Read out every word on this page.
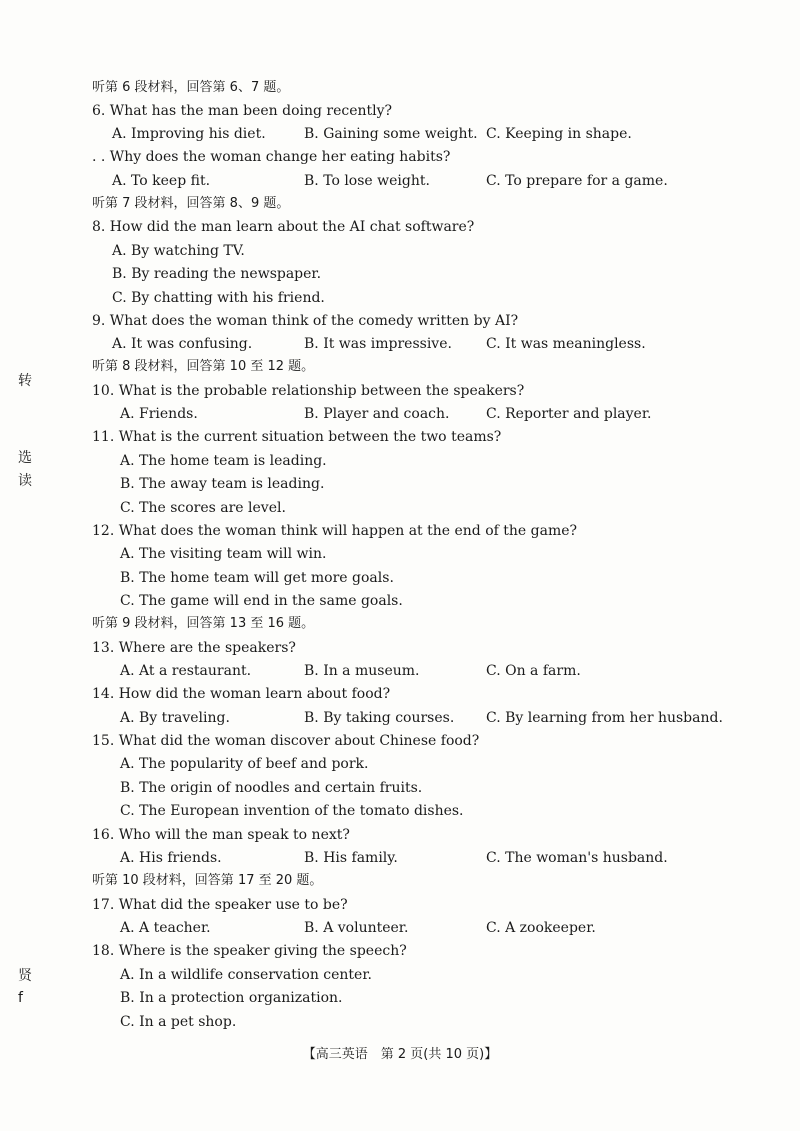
转
选
读
贤
f
听第 6 段材料，回答第 6、7 题。
6. What has the man been doing recently?
A. Improving his diet.	B. Gaining some weight. C. Keeping in shape.
. . Why does the woman change her eating habits?
A. To keep fit.	B. To lose weight.	C. To prepare for a game.
听第 7 段材料，回答第 8、9 题。
8. How did the man learn about the AI chat software?
A. By watching TV.
B. By reading the newspaper.
C. By chatting with his friend.
9. What does the woman think of the comedy written by AI?
A. It was confusing.	B. It was impressive. C. It was meaningless.
听第 8 段材料，回答第 10 至 12 题。
10. What is the probable relationship between the speakers?
A. Friends.	B. Player and coach.	C. Reporter and player.
11. What is the current situation between the two teams?
A. The home team is leading.
B. The away team is leading.
C. The scores are level.
12. What does the woman think will happen at the end of the game?
A. The visiting team will win.
B. The home team will get more goals.
C. The game will end in the same goals.
听第 9 段材料，回答第 13 至 16 题。
13. Where are the speakers?
A. At a restaurant.	B. In a museum.	C. On a farm.
14. How did the woman learn about food?
A. By traveling.	B. By taking courses. C. By learning from her husband.
15. What did the woman discover about Chinese food?
A. The popularity of beef and pork.
B. The origin of noodles and certain fruits.
C. The European invention of the tomato dishes.
16. Who will the man speak to next?
A. His friends.	B. His family.	C. The woman's husband.
听第 10 段材料，回答第 17 至 20 题。
17. What did the speaker use to be?
A. A teacher.	B. A volunteer.	C. A zookeeper.
18. Where is the speaker giving the speech?
A. In a wildlife conservation center.
B. In a protection organization.
C. In a pet shop.
【高三英语　第 2 页(共 10 页)】
